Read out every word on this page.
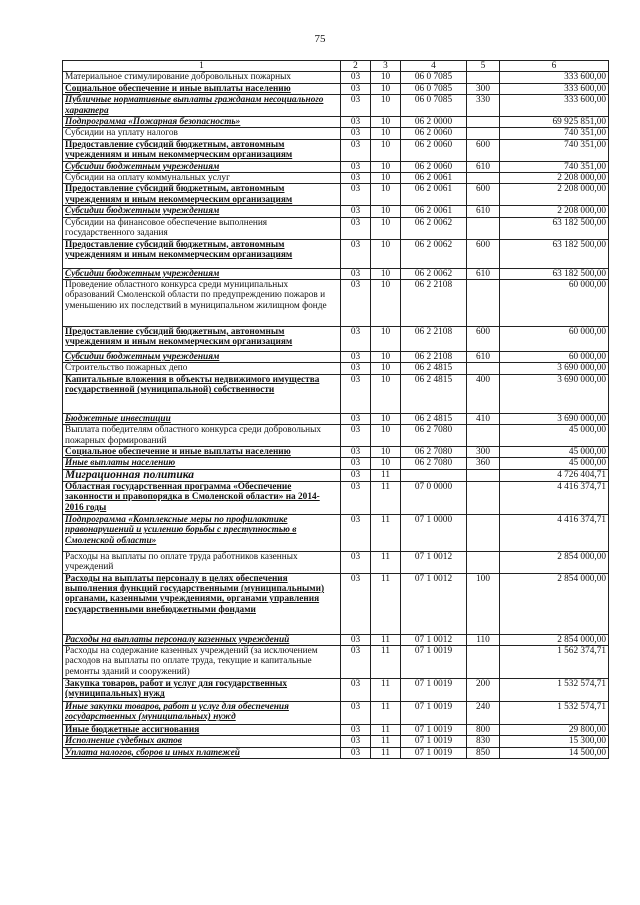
75
1	2	3	4	5	6
Материальное стимулирование добровольных пожарных	03	10	06 0 7085		333 600,00
Социальное обеспечение и иные выплаты населению	03	10	06 0 7085	300	333 600,00
Публичные нормативные выплаты гражданам несоциального характера	03	10	06 0 7085	330	333 600,00
Подпрограмма «Пожарная безопасность»	03	10	06 2 0000		69 925 851,00
Субсидии на уплату налогов	03	10	06 2 0060		740 351,00
Предоставление субсидий бюджетным, автономным учреждениям и иным некоммерческим организациям	03	10	06 2 0060	600	740 351,00
Субсидии бюджетным учреждениям	03	10	06 2 0060	610	740 351,00
Субсидии на оплату коммунальных услуг	03	10	06 2 0061		2 208 000,00
Предоставление субсидий бюджетным, автономным учреждениям и иным некоммерческим организациям	03	10	06 2 0061	600	2 208 000,00
Субсидии бюджетным учреждениям	03	10	06 2 0061	610	2 208 000,00
Субсидии на финансовое обеспечение выполнения государственного задания	03	10	06 2 0062		63 182 500,00
Предоставление субсидий бюджетным, автономным учреждениям и иным некоммерческим организациям	03	10	06 2 0062	600	63 182 500,00
Субсидии бюджетным учреждениям	03	10	06 2 0062	610	63 182 500,00
Проведение областного конкурса среди муниципальных образований Смоленской области по предупреждению пожаров и уменьшению их последствий в муниципальном жилищном фонде	03	10	06 2 2108		60 000,00
Предоставление субсидий бюджетным, автономным учреждениям и иным некоммерческим организациям	03	10	06 2 2108	600	60 000,00
Субсидии бюджетным учреждениям	03	10	06 2 2108	610	60 000,00
Строительство пожарных депо	03	10	06 2 4815		3 690 000,00
Капитальные вложения в объекты недвижимого имущества государственной (муниципальной) собственности	03	10	06 2 4815	400	3 690 000,00
Бюджетные инвестиции	03	10	06 2 4815	410	3 690 000,00
Выплата победителям областного конкурса среди добровольных пожарных формирований	03	10	06 2 7080		45 000,00
Социальное обеспечение и иные выплаты населению	03	10	06 2 7080	300	45 000,00
Иные выплаты населению	03	10	06 2 7080	360	45 000,00
Миграционная политика	03	11			4 726 404,71
Областная государственная программа «Обеспечение законности и правопорядка в Смоленской области» на 2014-2016 годы	03	11	07 0 0000		4 416 374,71
Подпрограмма «Комплексные меры по профилактике правонарушений и усилению борьбы с преступностью в Смоленской области»	03	11	07 1 0000		4 416 374,71
Расходы на выплаты по оплате труда работников казенных учреждений	03	11	07 1 0012		2 854 000,00
Расходы на выплаты персоналу в целях обеспечения выполнения функций государственными (муниципальными) органами, казенными учреждениями, органами управления государственными внебюджетными фондами	03	11	07 1 0012	100	2 854 000,00
Расходы на выплаты персоналу казенных учреждений	03	11	07 1 0012	110	2 854 000,00
Расходы на содержание казенных учреждений (за исключением расходов на выплаты по оплате труда, текущие и капитальные ремонты зданий и сооружений)	03	11	07 1 0019		1 562 374,71
Закупка товаров, работ и услуг для государственных (муниципальных) нужд	03	11	07 1 0019	200	1 532 574,71
Иные закупки товаров, работ и услуг для обеспечения государственных (муниципальных) нужд	03	11	07 1 0019	240	1 532 574,71
Иные бюджетные ассигнования	03	11	07 1 0019	800	29 800,00
Исполнение судебных актов	03	11	07 1 0019	830	15 300,00
Уплата налогов, сборов и иных платежей	03	11	07 1 0019	850	14 500,00
